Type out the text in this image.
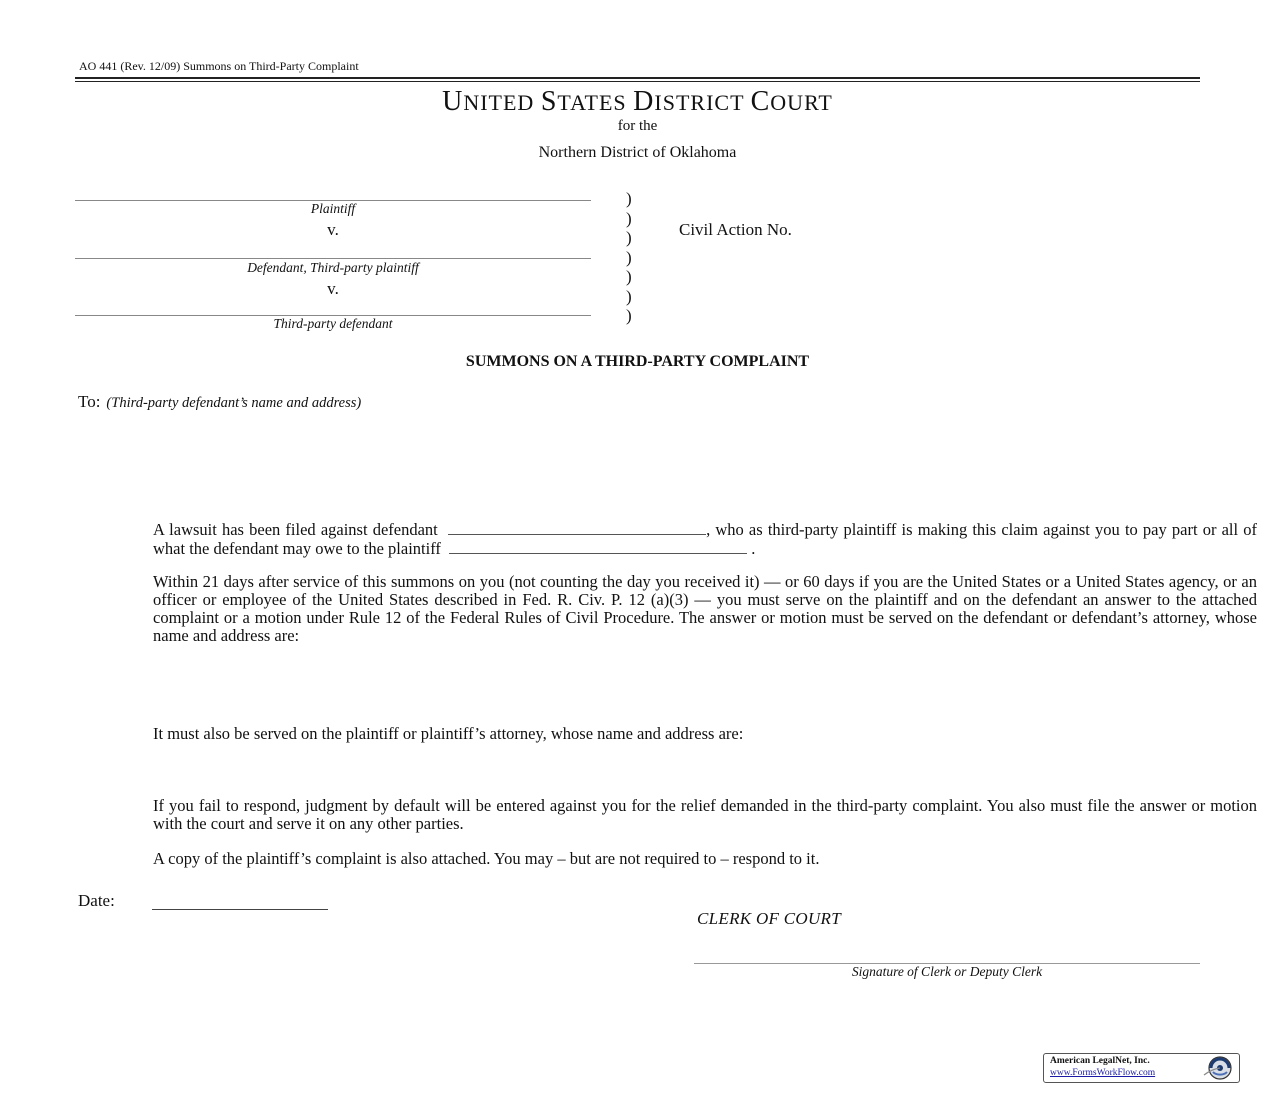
AO 441 (Rev. 12/09) Summons on Third-Party Complaint
UNITED STATES DISTRICT COURT
for the
Northern District of Oklahoma
Plaintiff
v.
Defendant, Third-party plaintiff
v.
Third-party defendant
)
)
)
)
)
)
)
Civil Action No.
SUMMONS ON A THIRD-PARTY COMPLAINT
To: (Third-party defendant’s name and address)
A lawsuit has been filed against defendant	, who as third-party plaintiff is making this claim against you to pay part or all of what the defendant may owe to the plaintiff	.
Within 21 days after service of this summons on you (not counting the day you received it) — or 60 days if you are the United States or a United States agency, or an officer or employee of the United States described in Fed. R. Civ. P. 12 (a)(3) — you must serve on the plaintiff and on the defendant an answer to the attached complaint or a motion under Rule 12 of the Federal Rules of Civil Procedure. The answer or motion must be served on the defendant or defendant’s attorney, whose name and address are:
It must also be served on the plaintiff or plaintiff’s attorney, whose name and address are:
If you fail to respond, judgment by default will be entered against you for the relief demanded in the third-party complaint. You also must file the answer or motion with the court and serve it on any other parties.
A copy of the plaintiff’s complaint is also attached. You may – but are not required to – respond to it.
Date:
CLERK OF COURT
Signature of Clerk or Deputy Clerk
American LegalNet, Inc.
www.FormsWorkFlow.com
